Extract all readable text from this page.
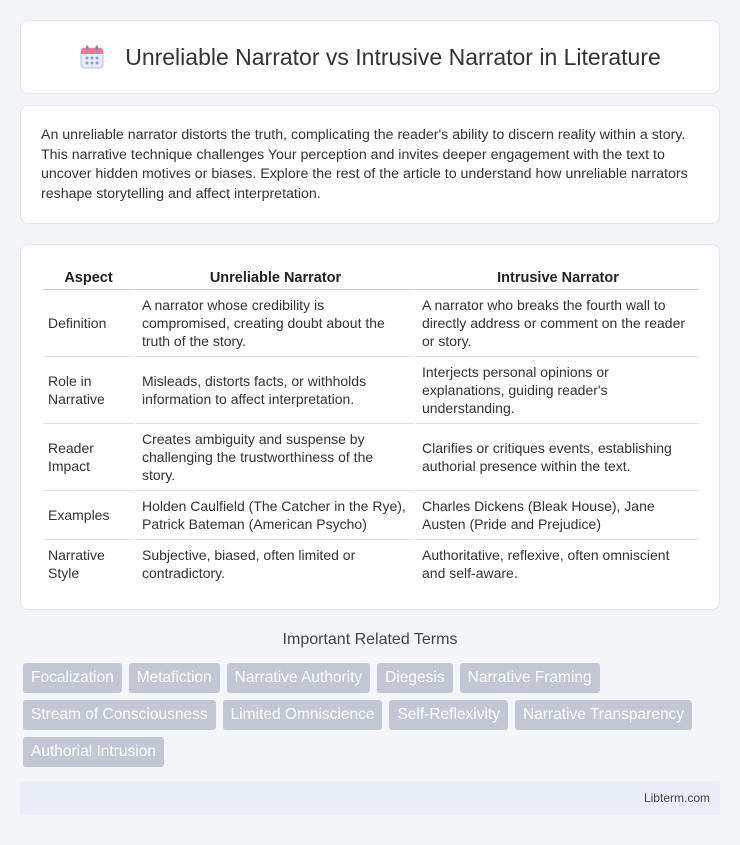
Unreliable Narrator vs Intrusive Narrator in Literature

An unreliable narrator distorts the truth, complicating the reader's ability to discern reality within a story. This narrative technique challenges Your perception and invites deeper engagement with the text to uncover hidden motives or biases. Explore the rest of the article to understand how unreliable narrators reshape storytelling and affect interpretation.

Aspect	Unreliable Narrator	Intrusive Narrator
Definition	A narrator whose credibility is compromised, creating doubt about the truth of the story.	A narrator who breaks the fourth wall to directly address or comment on the reader or story.
Role in Narrative	Misleads, distorts facts, or withholds information to affect interpretation.	Interjects personal opinions or explanations, guiding reader's understanding.
Reader Impact	Creates ambiguity and suspense by challenging the trustworthiness of the story.	Clarifies or critiques events, establishing authorial presence within the text.
Examples	Holden Caulfield (The Catcher in the Rye), Patrick Bateman (American Psycho)	Charles Dickens (Bleak House), Jane Austen (Pride and Prejudice)
Narrative Style	Subjective, biased, often limited or contradictory.	Authoritative, reflexive, often omniscient and self-aware.
Important Related Terms
Focalization	Metafiction	Narrative Authority	Diegesis	Narrative Framing
Stream of Consciousness	Limited Omniscience	Self-Reflexivity	Narrative Transparency
Authorial Intrusion
Libterm.com
